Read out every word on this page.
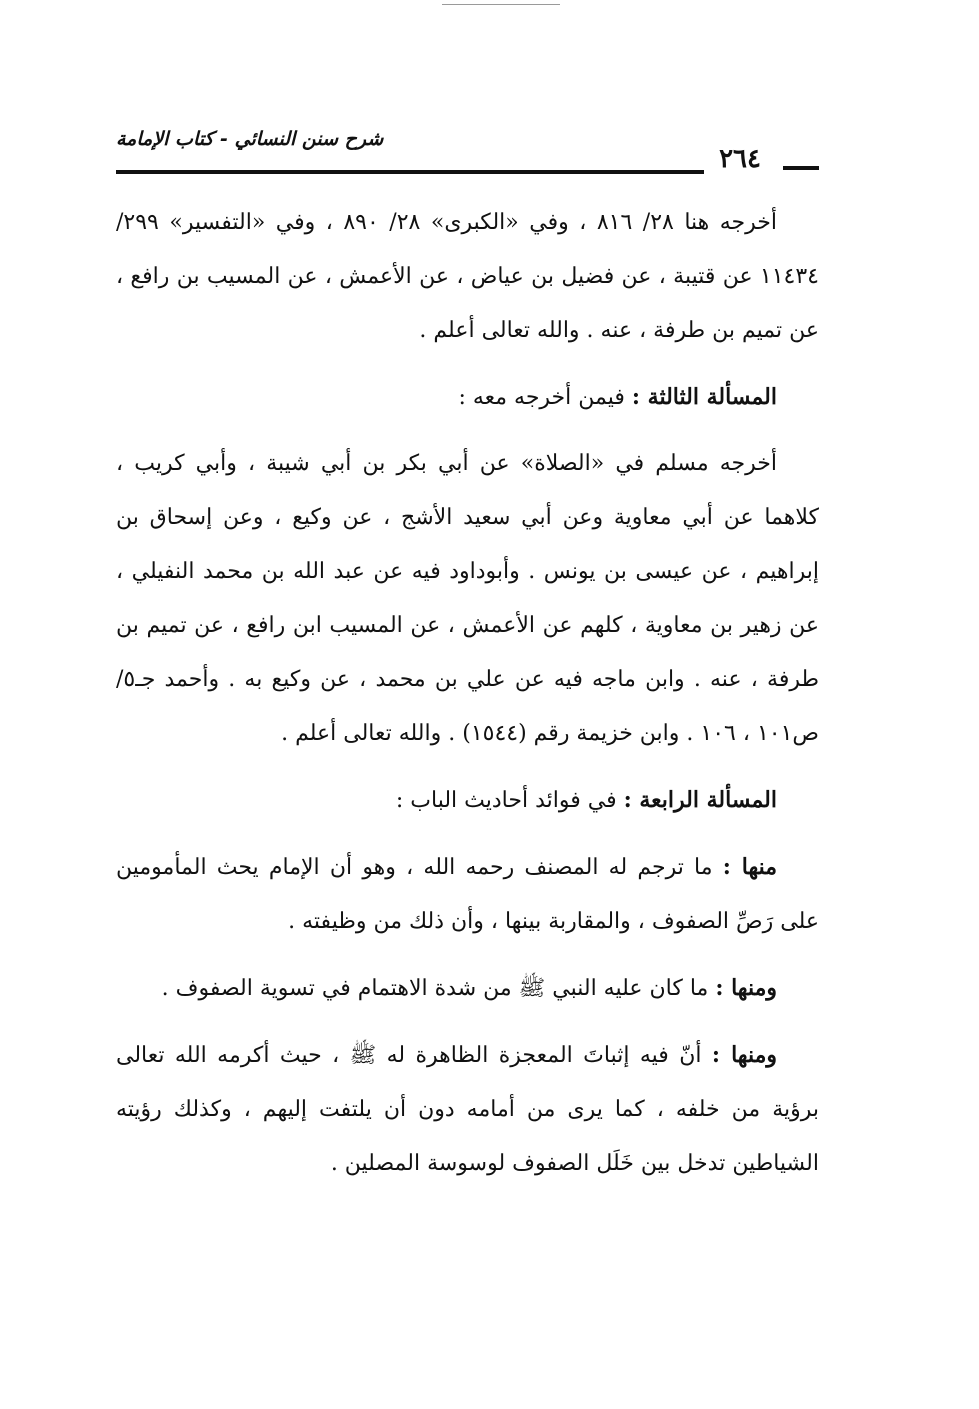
شرح سنن النسائي - كتاب الإمامة
٢٦٤

أخرجه هنا ٢٨/ ٨١٦ ، وفي «الكبرى» ٢٨/ ٨٩٠ ، وفي «التفسير» ٢٩٩/ ١١٤٣٤ عن قتيبة ، عن فضيل بن عياض ، عن الأعمش ، عن المسيب بن رافع ، عن تميم بن طرفة ، عنه . والله تعالى أعلم .

المسألة الثالثة : فيمن أخرجه معه :

أخرجه مسلم في «الصلاة» عن أبي بكر بن أبي شيبة ، وأبي كريب ، كلاهما عن أبي معاوية وعن أبي سعيد الأشج ، عن وكيع ، وعن إسحاق بن إبراهيم ، عن عيسى بن يونس . وأبوداود فيه عن عبد الله بن محمد النفيلي ، عن زهير بن معاوية ، كلهم عن الأعمش ، عن المسيب ابن رافع ، عن تميم بن طرفة ، عنه . وابن ماجه فيه عن علي بن محمد ، عن وكيع به . وأحمد جـ٥/ ص١٠١ ، ١٠٦ . وابن خزيمة رقم (١٥٤٤) . والله تعالى أعلم .

المسألة الرابعة : في فوائد أحاديث الباب :

منها : ما ترجم له المصنف رحمه الله ، وهو أن الإمام يحث المأمومين على رَصِّ الصفوف ، والمقاربة بينها ، وأن ذلك من وظيفته .

ومنها : ما كان عليه النبي ﷺ من شدة الاهتمام في تسوية الصفوف .

ومنها : أنّ فيه إثباتَ المعجزة الظاهرة له ﷺ ، حيث أكرمه الله تعالى برؤية من خلفه ، كما يرى من أمامه دون أن يلتفت إليهم ، وكذلك رؤيته الشياطين تدخل بين خَلَل الصفوف لوسوسة المصلين .
